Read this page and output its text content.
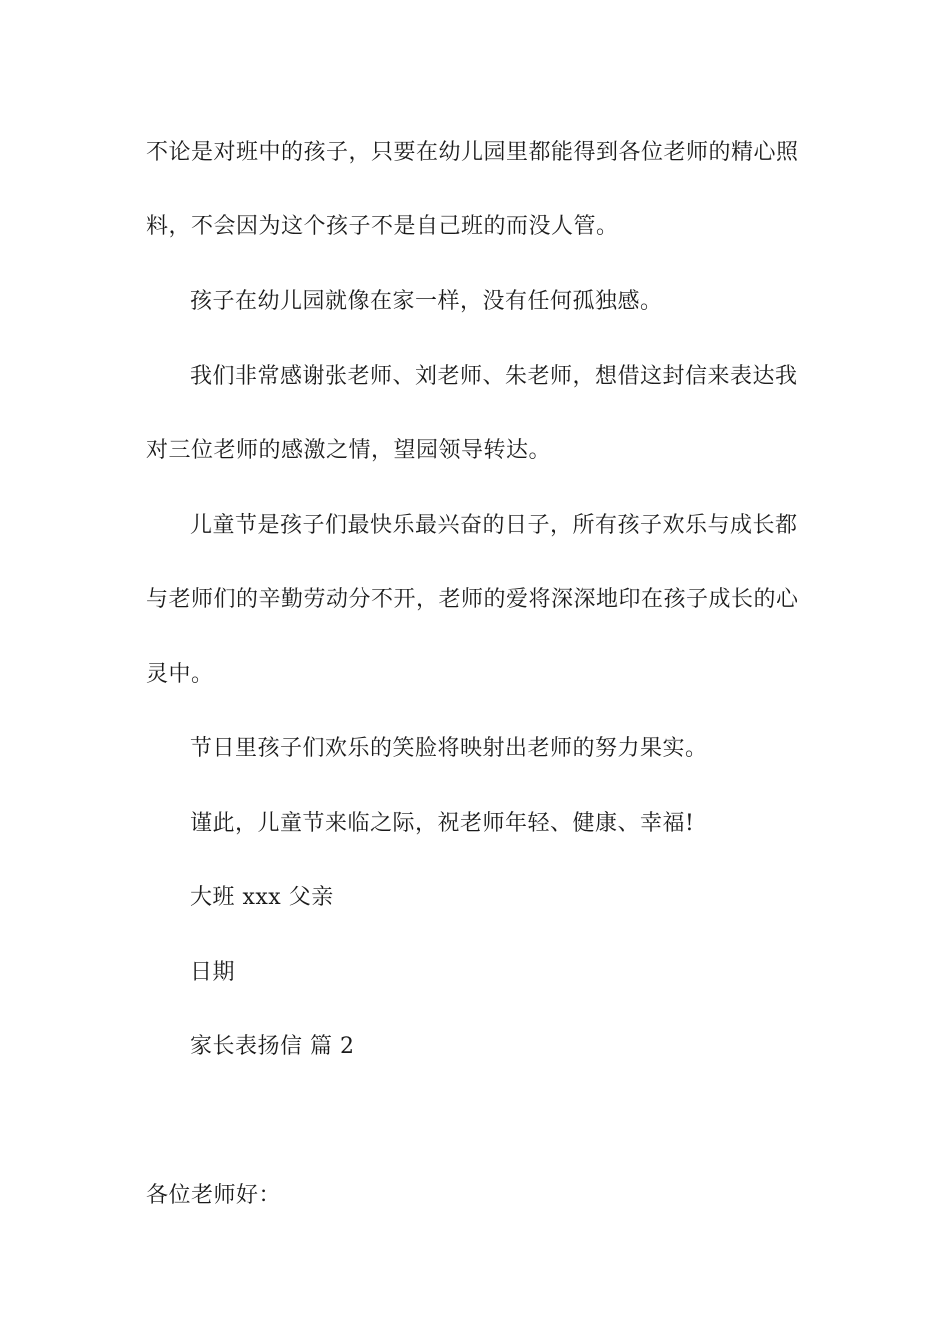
不论是对班中的孩子，只要在幼儿园里都能得到各位老师的精心照
料，不会因为这个孩子不是自己班的而没人管。
孩子在幼儿园就像在家一样，没有任何孤独感。
我们非常感谢张老师、刘老师、朱老师，想借这封信来表达我
对三位老师的感激之情，望园领导转达。
儿童节是孩子们最快乐最兴奋的日子，所有孩子欢乐与成长都
与老师们的辛勤劳动分不开，老师的爱将深深地印在孩子成长的心
灵中。
节日里孩子们欢乐的笑脸将映射出老师的努力果实。
谨此，儿童节来临之际，祝老师年轻、健康、幸福!
大班 xxx 父亲
日期
家长表扬信 篇 2
各位老师好：
